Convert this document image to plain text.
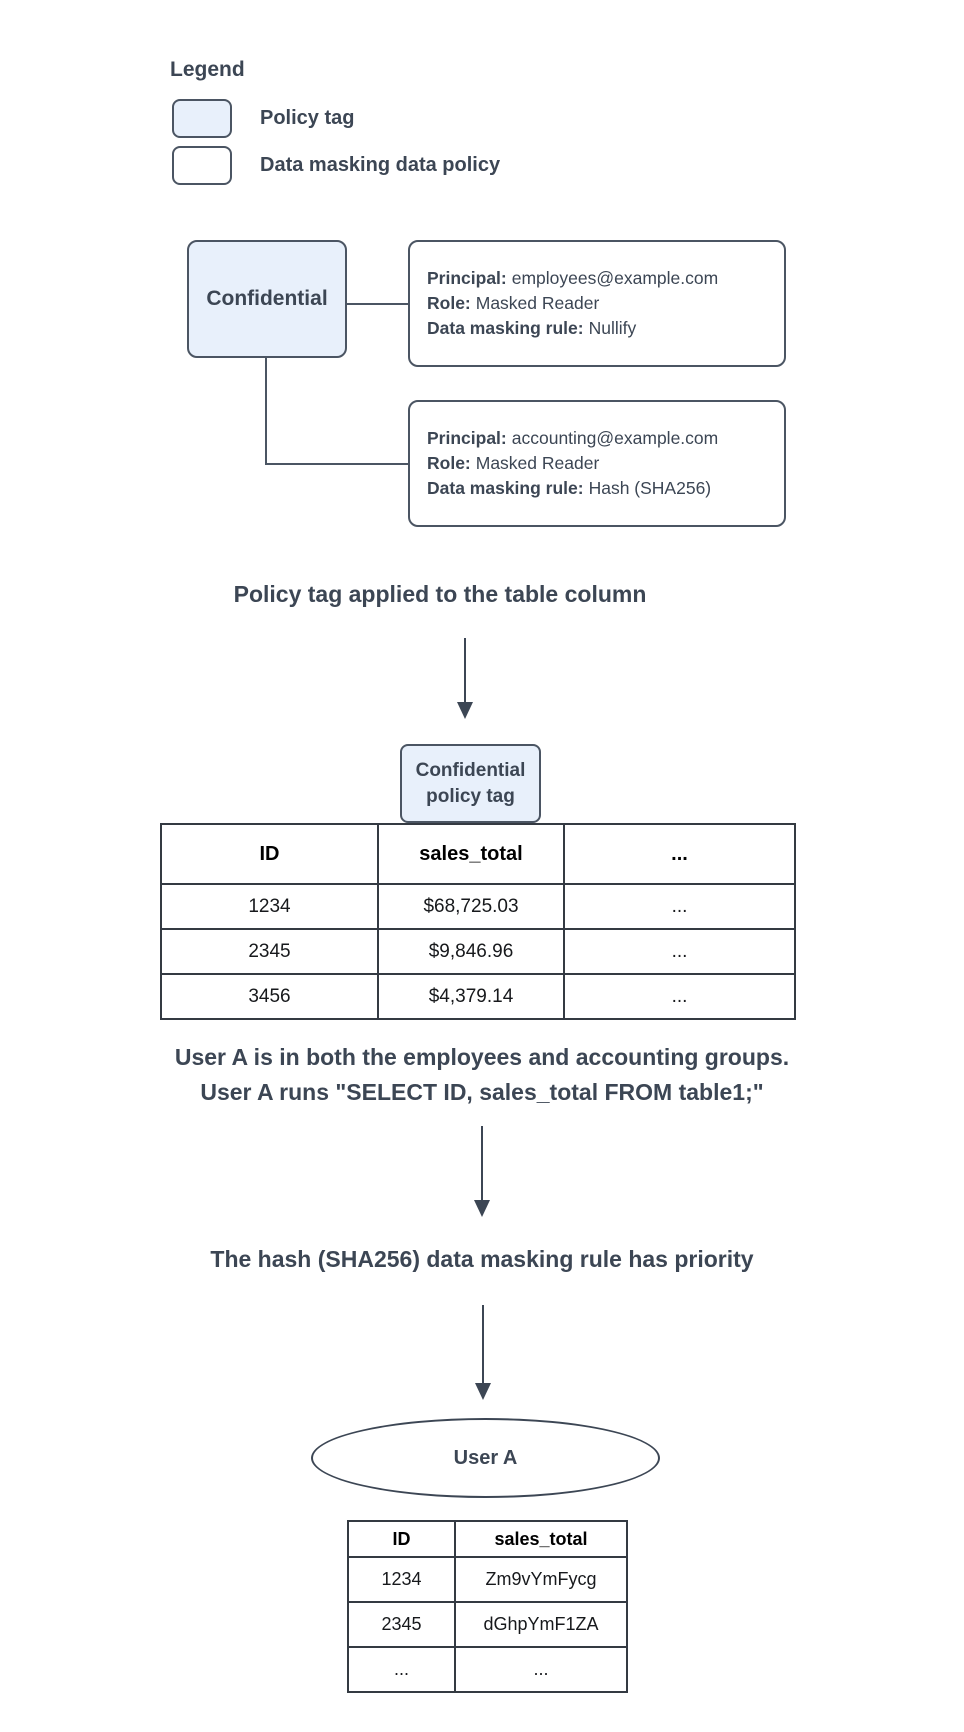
Legend
Policy tag
Data masking data policy
Confidential
Principal: employees@example.com
Role: Masked Reader
Data masking rule: Nullify
Principal: accounting@example.com
Role: Masked Reader
Data masking rule: Hash (SHA256)
Policy tag applied to the table column
Confidential
policy tag
ID	sales_total	...
1234	$68,725.03	...
2345	$9,846.96	...
3456	$4,379.14	...
User A is in both the employees and accounting groups.
User A runs "SELECT ID, sales_total FROM table1;"
The hash (SHA256) data masking rule has priority
User A
ID	sales_total
1234	Zm9vYmFycg
2345	dGhpYmF1ZA
...	...
